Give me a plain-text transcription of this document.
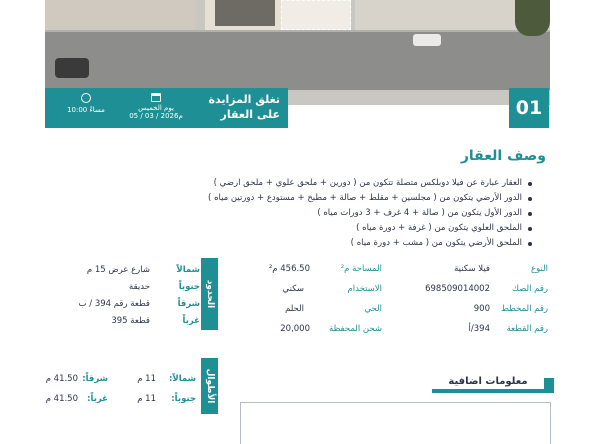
10:00 مساءً	يوم الخميس
05 / 03 / 2026م
تغلق المزايدة
على العقار	01
وصف العقار
العقار عبارة عن فيلا دوبلكس متصلة تتكون من ( دورين + ملحق علوي + ملحق ارضي )
الدور الأرضي يتكون من ( مجلسين + مقلط + صالة + مطبخ + مستودع + دورتين مياه )
الدور الأول يتكون من ( صالة + 4 غرف + 3 دورات مياه )
الملحق العلوي يتكون من ( غرفة + دورة مياه )
الملحق الأرضي يتكون من ( مشب + دورة مياه )
النوع
فيلا سكنية
المساحة م²
456.50 م²
رقم الصك
698509014002
الاستخدام
سكني
رقم المخطط
900
الحي
الحلم
رقم القطعة
394/أ
شحن المحفظة
20,000
الحدود
شمالاً
شارع عرض 15 م
جنوباً
حديقة
شرقاً
قطعة رقم 394 / ب
غرباً
قطعة 395
الأطوال
شمالاً:
11 م
شرقاً:
41.50 م
جنوباً:
11 م
غرباً:
41.50 م
معلومات اضافية
